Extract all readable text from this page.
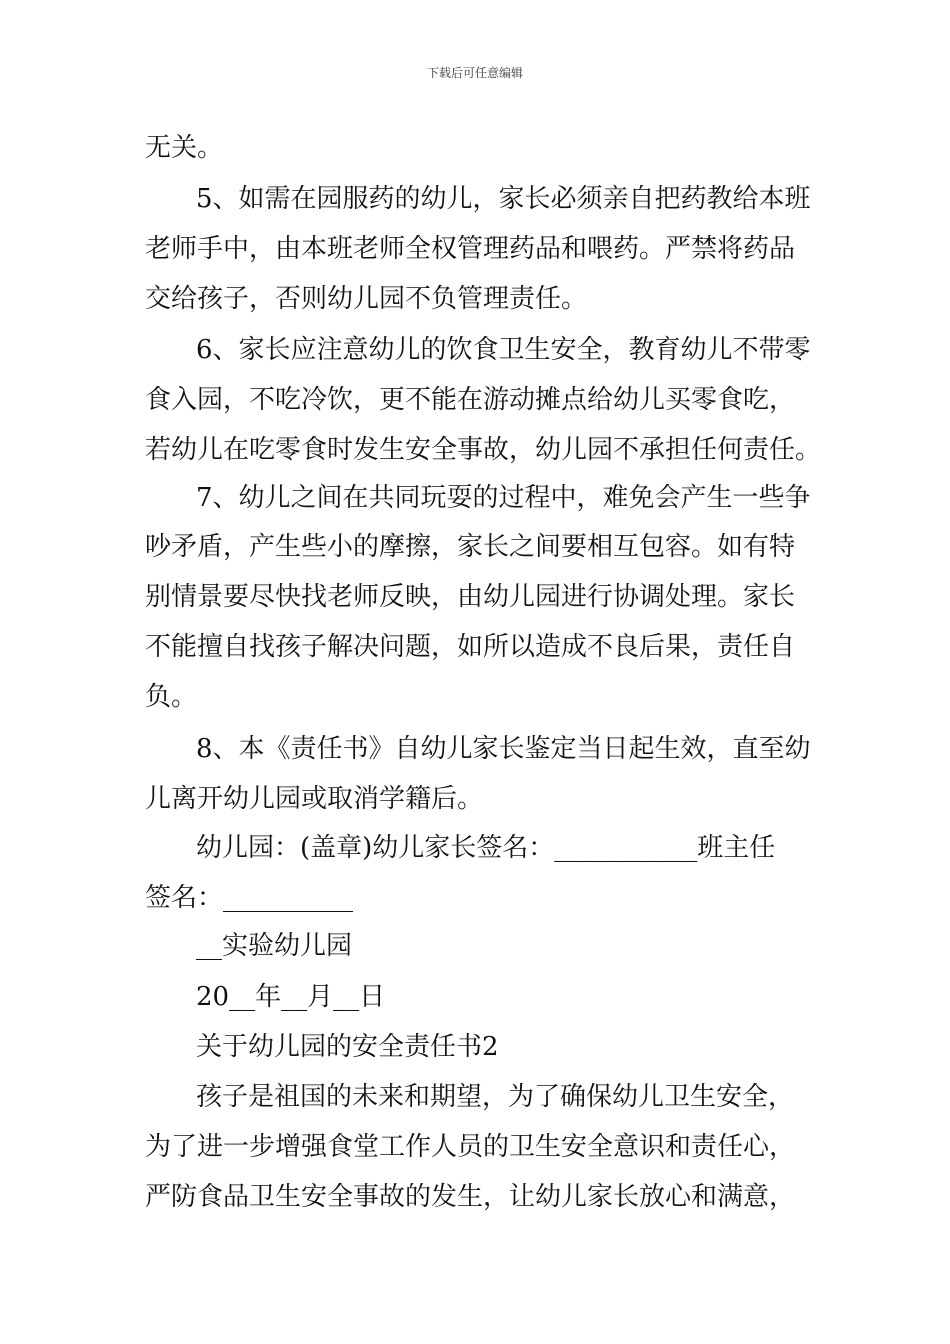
下载后可任意编辑
无关。
5、如需在园服药的幼儿，家长必须亲自把药教给本班
老师手中，由本班老师全权管理药品和喂药。严禁将药品
交给孩子，否则幼儿园不负管理责任。
6、家长应注意幼儿的饮食卫生安全，教育幼儿不带零
食入园，不吃冷饮，更不能在游动摊点给幼儿买零食吃，
若幼儿在吃零食时发生安全事故，幼儿园不承担任何责任。
7、幼儿之间在共同玩耍的过程中，难免会产生一些争
吵矛盾，产生些小的摩擦，家长之间要相互包容。如有特
别情景要尽快找老师反映，由幼儿园进行协调处理。家长
不能擅自找孩子解决问题，如所以造成不良后果，责任自
负。
8、本《责任书》自幼儿家长鉴定当日起生效，直至幼
儿离开幼儿园或取消学籍后。
幼儿园：(盖章)幼儿家长签名：___________班主任
签名：__________
__实验幼儿园
20__年__月__日
关于幼儿园的安全责任书2
孩子是祖国的未来和期望，为了确保幼儿卫生安全，
为了进一步增强食堂工作人员的卫生安全意识和责任心，
严防食品卫生安全事故的发生，让幼儿家长放心和满意，
